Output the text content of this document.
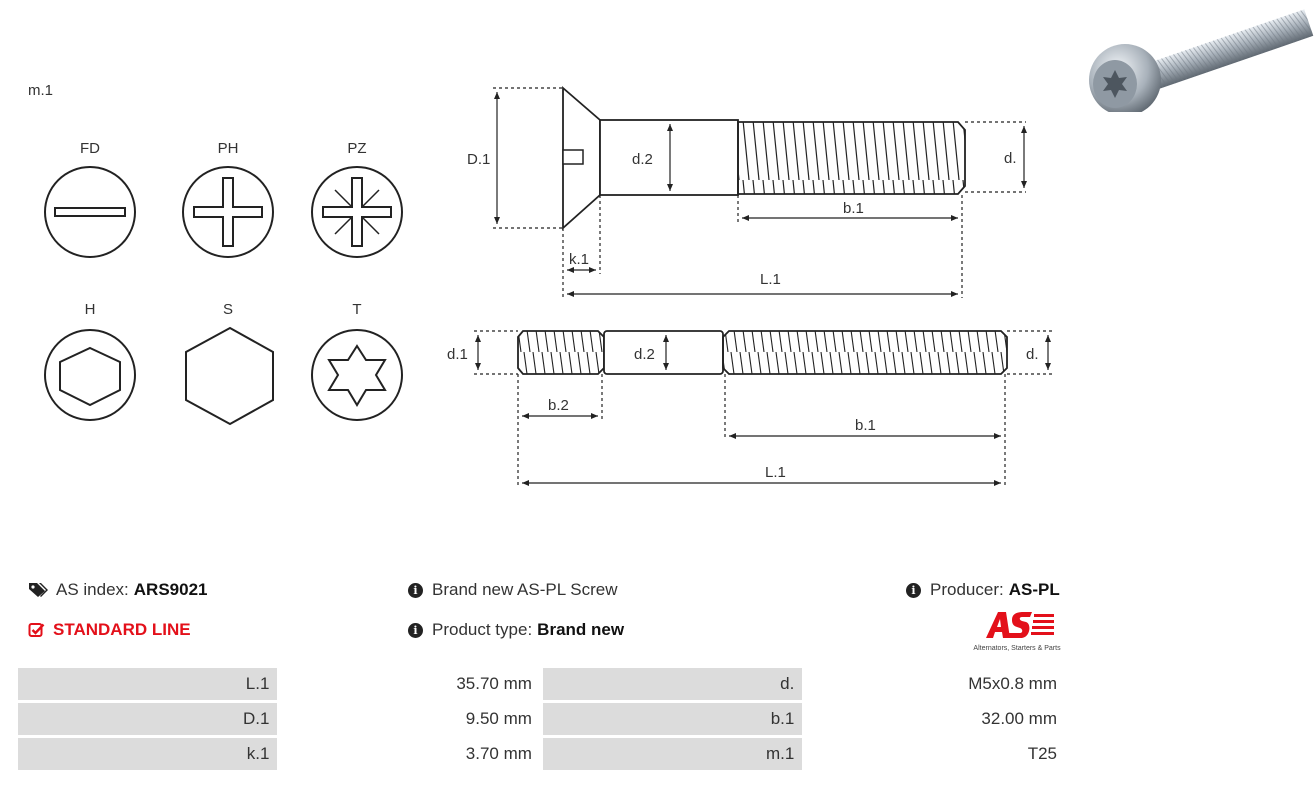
m.1
FD	PH	PZ
H	S	T
D.1	d.2	d.
b.1
k.1
L.1
d.1	d.2	d.
b.2
b.1
L.1
AS index: ARS9021
STANDARD LINE
i Brand new AS-PL Screw
i Product type: Brand new
i Producer: AS-PL
Alternators, Starters & Parts
L.1	35.70 mm	d.	M5x0.8 mm
D.1	9.50 mm	b.1	32.00 mm
k.1	3.70 mm	m.1	T25
